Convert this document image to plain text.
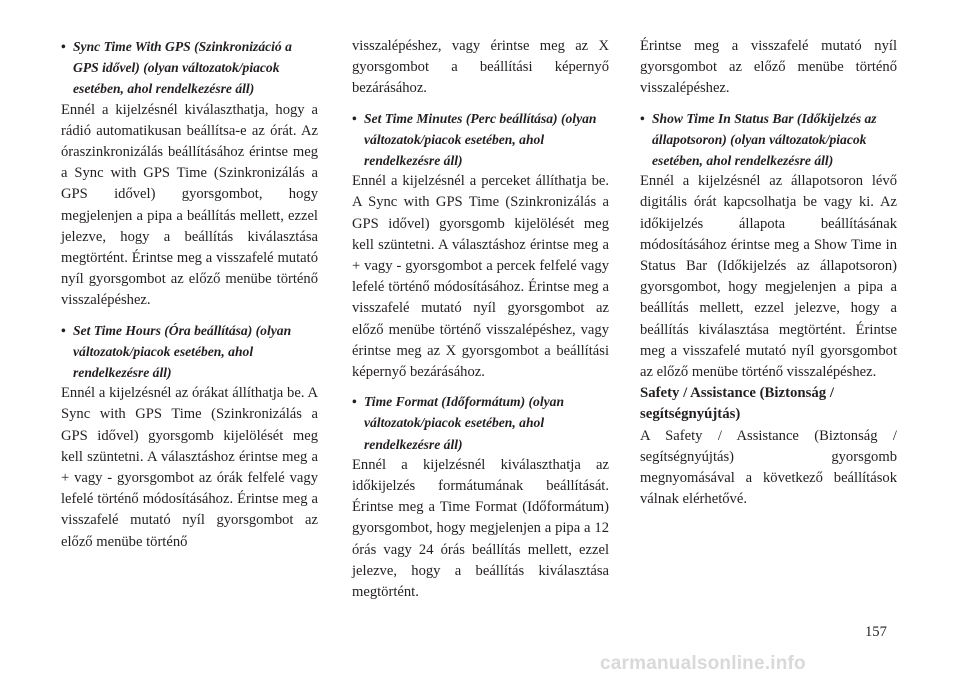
• Sync Time With GPS (Szinkronizáció a GPS idővel) (olyan változatok/piacok esetében, ahol rendelkezésre áll)

Ennél a kijelzésnél kiválaszthatja, hogy a rádió automatikusan beállítsa-e az órát. Az óraszinkronizálás beállításához érintse meg a Sync with GPS Time (Szinkronizálás a GPS idővel) gyorsgombot, hogy megjelenjen a pipa a beállítás mellett, ezzel jelezve, hogy a beállítás kiválasztása megtörtént. Érintse meg a visszafelé mutató nyíl gyorsgombot az előző menübe történő visszalépéshez.

• Set Time Hours (Óra beállítása) (olyan változatok/piacok esetében, ahol rendelkezésre áll)

Ennél a kijelzésnél az órákat állíthatja be. A Sync with GPS Time (Szinkronizálás a GPS idővel) gyorsgomb kijelölését meg kell szüntetni. A választáshoz érintse meg a + vagy - gyorsgombot az órák felfelé vagy lefelé történő módosításához. Érintse meg a visszafelé mutató nyíl gyorsgombot az előző menübe történő

visszalépéshez, vagy érintse meg az X gyorsgombot a beállítási képernyő bezárásához.

• Set Time Minutes (Perc beállítása) (olyan változatok/piacok esetében, ahol rendelkezésre áll)

Ennél a kijelzésnél a perceket állíthatja be. A Sync with GPS Time (Szinkronizálás a GPS idővel) gyorsgomb kijelölését meg kell szüntetni. A választáshoz érintse meg a + vagy - gyorsgombot a percek felfelé vagy lefelé történő módosításához. Érintse meg a visszafelé mutató nyíl gyorsgombot az előző menübe történő visszalépéshez, vagy érintse meg az X gyorsgombot a beállítási képernyő bezárásához.

• Time Format (Időformátum) (olyan változatok/piacok esetében, ahol rendelkezésre áll)

Ennél a kijelzésnél kiválaszthatja az időkijelzés formátumának beállítását. Érintse meg a Time Format (Időformátum) gyorsgombot, hogy megjelenjen a pipa a 12 órás vagy 24 órás beállítás mellett, ezzel jelezve, hogy a beállítás kiválasztása megtörtént.

Érintse meg a visszafelé mutató nyíl gyorsgombot az előző menübe történő visszalépéshez.

• Show Time In Status Bar (Időkijelzés az állapotsoron) (olyan változatok/piacok esetében, ahol rendelkezésre áll)

Ennél a kijelzésnél az állapotsoron lévő digitális órát kapcsolhatja be vagy ki. Az időkijelzés állapota beállításának módosításához érintse meg a Show Time in Status Bar (Időkijelzés az állapotsoron) gyorsgombot, hogy megjelenjen a pipa a beállítás mellett, ezzel jelezve, hogy a beállítás kiválasztása megtörtént. Érintse meg a visszafelé mutató nyíl gyorsgombot az előző menübe történő visszalépéshez.

Safety / Assistance (Biztonság / segítségnyújtás)

A Safety / Assistance (Biztonság / segítségnyújtás) gyorsgomb megnyomásával a következő beállítások válnak elérhetővé.

157
carmanualsonline.info
